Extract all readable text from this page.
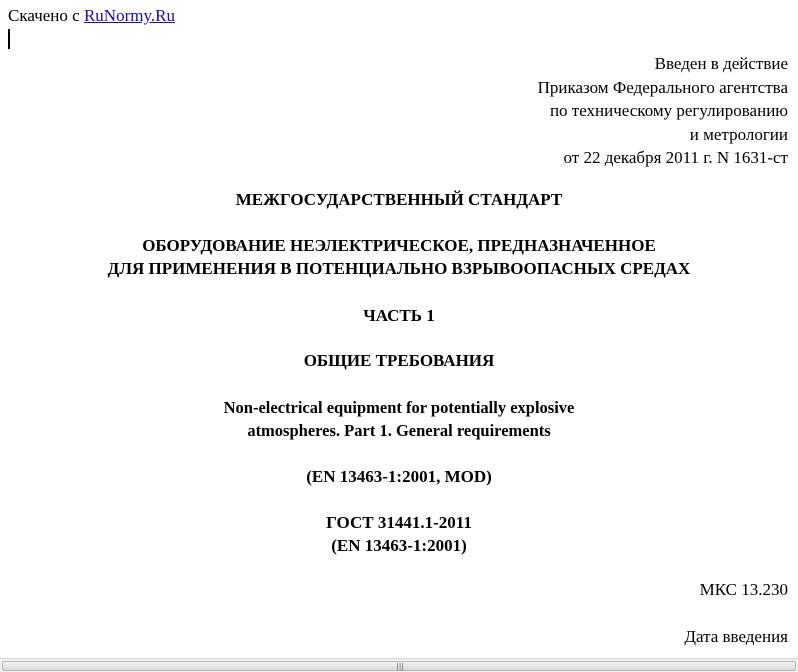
Скачено с RuNormy.Ru
Введен в действие
Приказом Федерального агентства
по техническому регулированию
и метрологии
от 22 декабря 2011 г. N 1631-ст
МЕЖГОСУДАРСТВЕННЫЙ СТАНДАРТ
ОБОРУДОВАНИЕ НЕЭЛЕКТРИЧЕСКОЕ, ПРЕДНАЗНАЧЕННОЕ
ДЛЯ ПРИМЕНЕНИЯ В ПОТЕНЦИАЛЬНО ВЗРЫВООПАСНЫХ СРЕДАХ
ЧАСТЬ 1
ОБЩИЕ ТРЕБОВАНИЯ
Non-electrical equipment for potentially explosive
atmospheres. Part 1. General requirements
(EN 13463-1:2001, MOD)
ГОСТ 31441.1-2011
(EN 13463-1:2001)
МКС 13.230
Дата введения
|||
